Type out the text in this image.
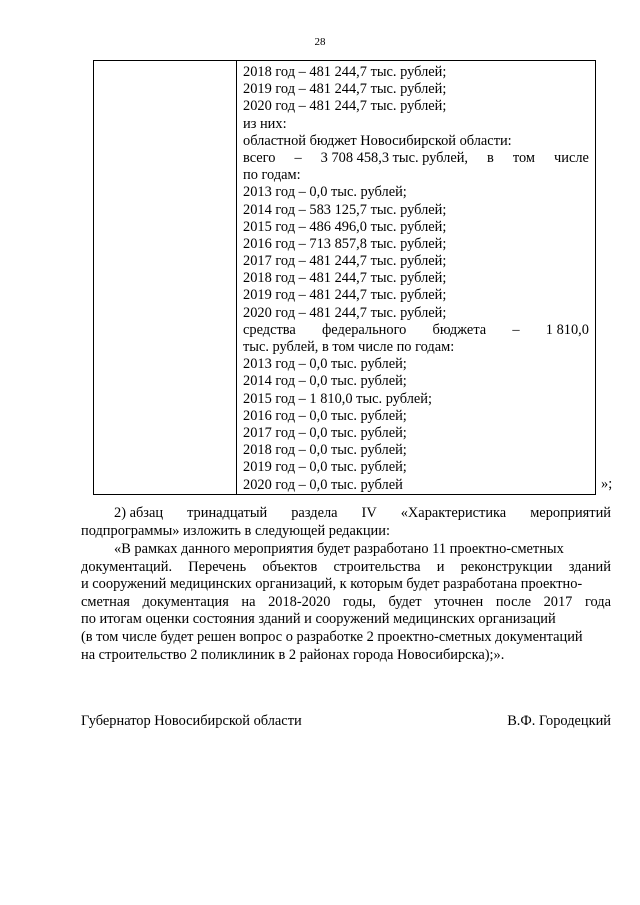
28
2018 год – 481 244,7 тыс. рублей;
2019 год – 481 244,7 тыс. рублей;
2020 год – 481 244,7 тыс. рублей;
из них:
областной бюджет Новосибирской области:
всего – 3 708 458,3 тыс. рублей, в том числе
по годам:
2013 год – 0,0 тыс. рублей;
2014 год – 583 125,7 тыс. рублей;
2015 год – 486 496,0 тыс. рублей;
2016 год – 713 857,8 тыс. рублей;
2017 год – 481 244,7 тыс. рублей;
2018 год – 481 244,7 тыс. рублей;
2019 год – 481 244,7 тыс. рублей;
2020 год – 481 244,7 тыс. рублей;
средства федерального бюджета – 1 810,0
тыс. рублей, в том числе по годам:
2013 год – 0,0 тыс. рублей;
2014 год – 0,0 тыс. рублей;
2015 год – 1 810,0 тыс. рублей;
2016 год – 0,0 тыс. рублей;
2017 год – 0,0 тыс. рублей;
2018 год – 0,0 тыс. рублей;
2019 год – 0,0 тыс. рублей;
2020 год – 0,0 тыс. рублей	»;
2) абзац тринадцатый раздела IV «Характеристика мероприятий
подпрограммы» изложить в следующей редакции:
«В рамках данного мероприятия будет разработано 11 проектно-сметных
документаций. Перечень объектов строительства и реконструкции зданий
и сооружений медицинских организаций, к которым будет разработана проектно-
сметная документация на 2018-2020 годы, будет уточнен после 2017 года
по итогам оценки состояния зданий и сооружений медицинских организаций
(в том числе будет решен вопрос о разработке 2 проектно-сметных документаций
на строительство 2 поликлиник в 2 районах города Новосибирска);».
Губернатор Новосибирской области	В.Ф. Городецкий
